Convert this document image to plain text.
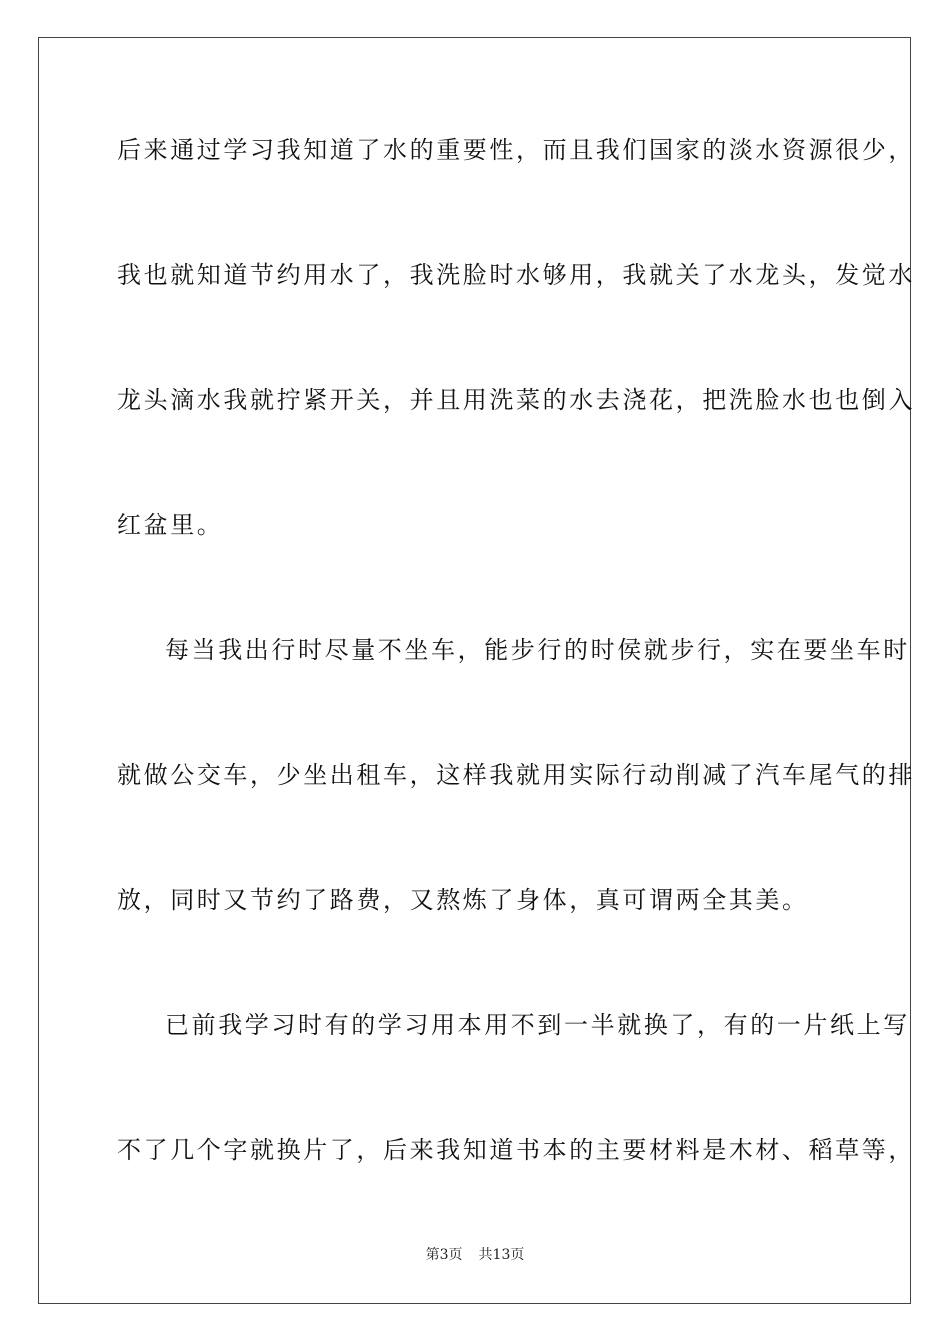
后来通过学习我知道了水的重要性，而且我们国家的淡水资源很少，
我也就知道节约用水了，我洗脸时水够用，我就关了水龙头，发觉水
龙头滴水我就拧紧开关，并且用洗菜的水去浇花，把洗脸水也也倒入
红盆里。
每当我出行时尽量不坐车，能步行的时侯就步行，实在要坐车时
就做公交车，少坐出租车，这样我就用实际行动削减了汽车尾气的排
放，同时又节约了路费，又熬炼了身体，真可谓两全其美。
已前我学习时有的学习用本用不到一半就换了，有的一片纸上写
不了几个字就换片了，后来我知道书本的主要材料是木材、稻草等，
第3页 共13页
